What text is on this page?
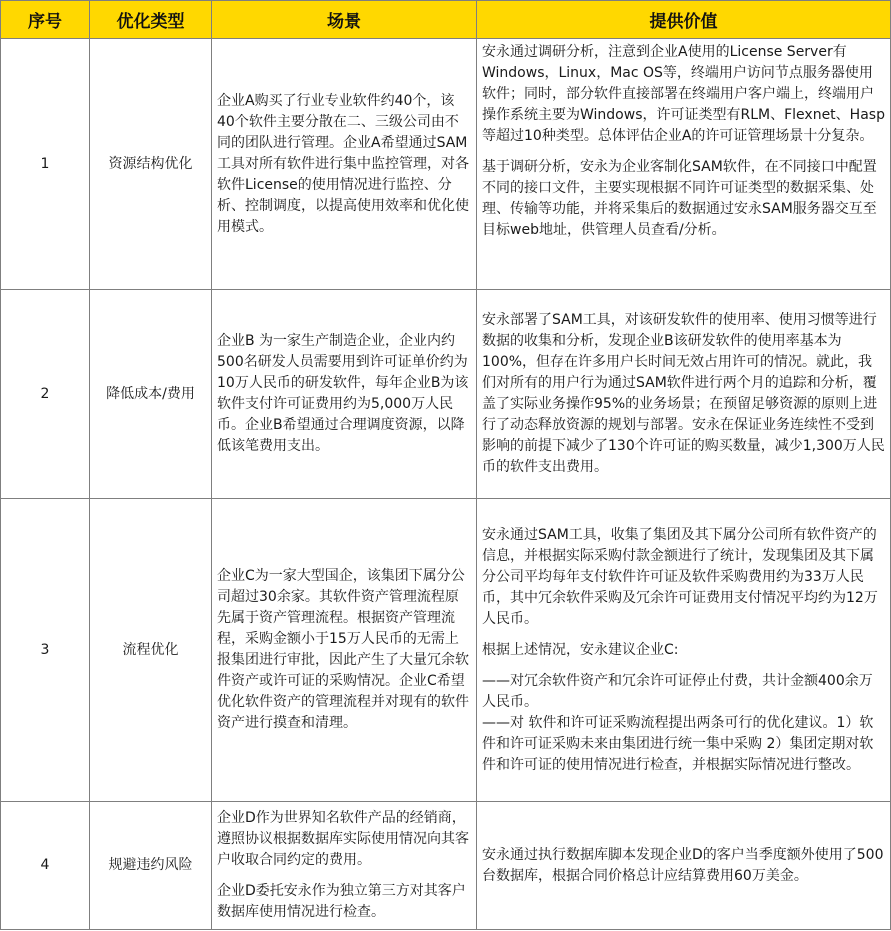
序号	优化类型	场景	提供价值
1	资源结构优化	企业A购买了行业专业软件约40个，该40个软件主要分散在二、三级公司由不同的团队进行管理。企业A希望通过SAM工具对所有软件进行集中监控管理，对各软件License的使用情况进行监控、分析、控制调度，以提高使用效率和优化使用模式。	安永通过调研分析，注意到企业A使用的License Server有Windows，Linux，Mac OS等，终端用户访问节点服务器使用软件；同时，部分软件直接部署在终端用户客户端上，终端用户操作系统主要为Windows，许可证类型有RLM、Flexnet、Hasp等超过10种类型。总体评估企业A的许可证管理场景十分复杂。

基于调研分析，安永为企业客制化SAM软件，在不同接口中配置不同的接口文件，主要实现根据不同许可证类型的数据采集、处理、传输等功能，并将采集后的数据通过安永SAM服务器交互至目标web地址，供管理人员查看/分析。

2	降低成本/费用	企业B 为一家生产制造企业，企业内约500名研发人员需要用到许可证单价约为10万人民币的研发软件，每年企业B为该软件支付许可证费用约为5,000万人民币。企业B希望通过合理调度资源，以降低该笔费用支出。	安永部署了SAM工具，对该研发软件的使用率、使用习惯等进行数据的收集和分析，发现企业B该研发软件的使用率基本为100%，但存在许多用户长时间无效占用许可的情况。就此，我们对所有的用户行为通过SAM软件进行两个月的追踪和分析，覆盖了实际业务操作95%的业务场景；在预留足够资源的原则上进行了动态释放资源的规划与部署。安永在保证业务连续性不受到影响的前提下减少了130个许可证的购买数量，减少1,300万人民币的软件支出费用。

3	流程优化	企业C为一家大型国企，该集团下属分公司超过30余家。其软件资产管理流程原先属于资产管理流程。根据资产管理流程，采购金额小于15万人民币的无需上报集团进行审批，因此产生了大量冗余软件资产或许可证的采购情况。企业C希望优化软件资产的管理流程并对现有的软件资产进行摸查和清理。	安永通过SAM工具，收集了集团及其下属分公司所有软件资产的信息，并根据实际采购付款金额进行了统计，发现集团及其下属分公司平均每年支付软件许可证及软件采购费用约为33万人民币，其中冗余软件采购及冗余许可证费用支付情况平均约为12万人民币。

根据上述情况，安永建议企业C:

——对冗余软件资产和冗余许可证停止付费，共计金额400余万人民币。

——对 软件和许可证采购流程提出两条可行的优化建议。1）软件和许可证采购未来由集团进行统一集中采购 2）集团定期对软件和许可证的使用情况进行检查，并根据实际情况进行整改。

4	规避违约风险	企业D作为世界知名软件产品的经销商，遵照协议根据数据库实际使用情况向其客户收取合同约定的费用。

企业D委托安永作为独立第三方对其客户数据库使用情况进行检查。	安永通过执行数据库脚本发现企业D的客户当季度额外使用了500台数据库，根据合同价格总计应结算费用60万美金。
